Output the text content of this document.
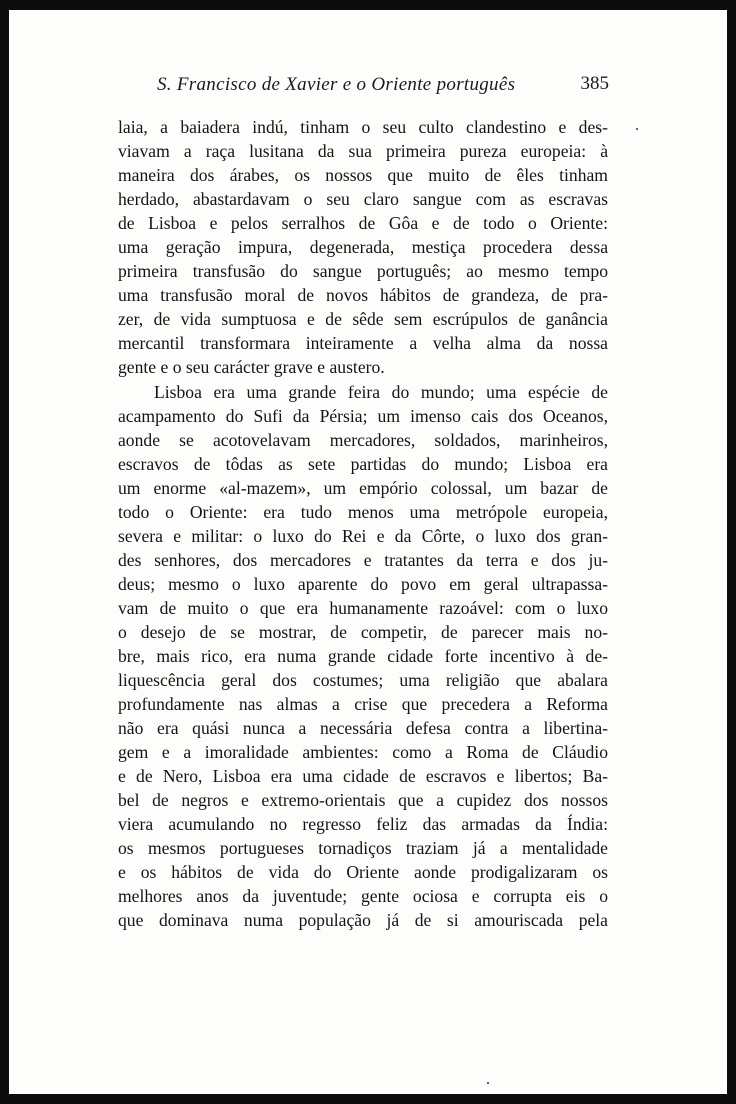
S. Francisco de Xavier e o Oriente português	385
laia, a baiadera indú, tinham o seu culto clandestino e des-
viavam a raça lusitana da sua primeira pureza europeia: à
maneira dos árabes, os nossos que muito de êles tinham
herdado, abastardavam o seu claro sangue com as escravas
de Lisboa e pelos serralhos de Gôa e de todo o Oriente:
uma geração impura, degenerada, mestiça procedera dessa
primeira transfusão do sangue português; ao mesmo tempo
uma transfusão moral de novos hábitos de grandeza, de pra-
zer, de vida sumptuosa e de sêde sem escrúpulos de ganância
mercantil transformara inteiramente a velha alma da nossa
gente e o seu carácter grave e austero.
Lisboa era uma grande feira do mundo; uma espécie de
acampamento do Sufi da Pérsia; um imenso cais dos Oceanos,
aonde se acotovelavam mercadores, soldados, marinheiros,
escravos de tôdas as sete partidas do mundo; Lisboa era
um enorme «al-mazem», um empório colossal, um bazar de
todo o Oriente: era tudo menos uma metrópole europeia,
severa e militar: o luxo do Rei e da Côrte, o luxo dos gran-
des senhores, dos mercadores e tratantes da terra e dos ju-
deus; mesmo o luxo aparente do povo em geral ultrapassa-
vam de muito o que era humanamente razoável: com o luxo
o desejo de se mostrar, de competir, de parecer mais no-
bre, mais rico, era numa grande cidade forte incentivo à de-
liquescência geral dos costumes; uma religião que abalara
profundamente nas almas a crise que precedera a Reforma
não era quási nunca a necessária defesa contra a libertina-
gem e a imoralidade ambientes: como a Roma de Cláudio
e de Nero, Lisboa era uma cidade de escravos e libertos; Ba-
bel de negros e extremo-orientais que a cupidez dos nossos
viera acumulando no regresso feliz das armadas da Índia:
os mesmos portugueses tornadiços traziam já a mentalidade
e os hábitos de vida do Oriente aonde prodigalizaram os
melhores anos da juventude; gente ociosa e corrupta eis o
que dominava numa população já de si amouriscada pela
